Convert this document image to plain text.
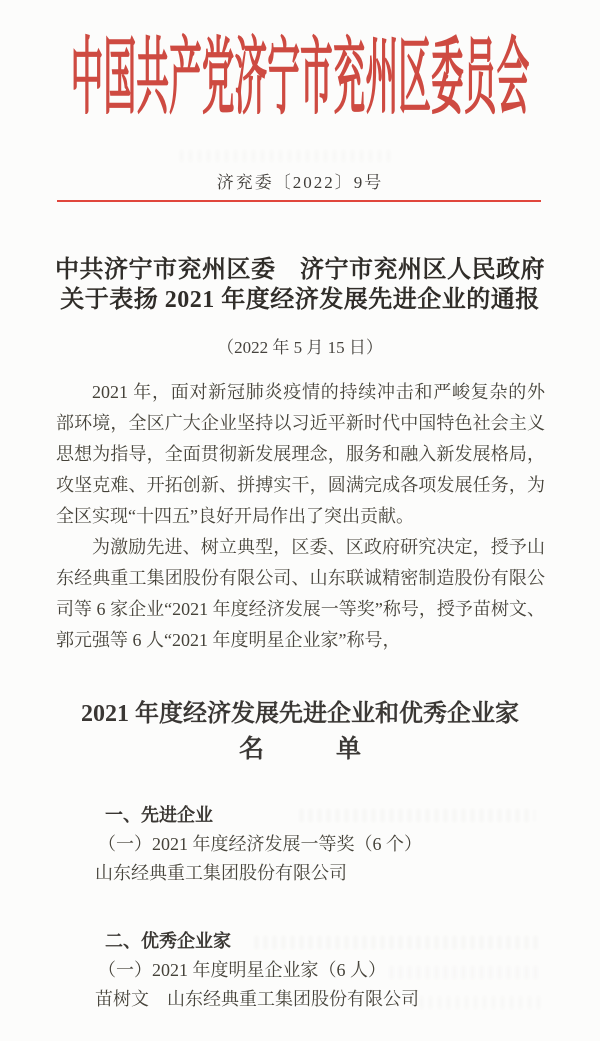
中国共产党济宁市兖州区委员会
济兖委〔2022〕9号
中共济宁市兖州区委　济宁市兖州区人民政府
关于表扬 2021 年度经济发展先进企业的通报
（2022 年 5 月 15 日）

2021 年，面对新冠肺炎疫情的持续冲击和严峻复杂的外部环境，全区广大企业坚持以习近平新时代中国特色社会主义思想为指导，全面贯彻新发展理念，服务和融入新发展格局，攻坚克难、开拓创新、拼搏实干，圆满完成各项发展任务，为全区实现“十四五”良好开局作出了突出贡献。

为激励先进、树立典型，区委、区政府研究决定，授予山东经典重工集团股份有限公司、山东联诚精密制造股份有限公司等 6 家企业“2021 年度经济发展一等奖”称号，授予苗树文、郭元强等 6 人“2021 年度明星企业家”称号，

2021 年度经济发展先进企业和优秀企业家
名	单
一、先进企业
（一）2021 年度经济发展一等奖（6 个）
山东经典重工集团股份有限公司
二、优秀企业家
（一）2021 年度明星企业家（6 人）
苗树文　山东经典重工集团股份有限公司
